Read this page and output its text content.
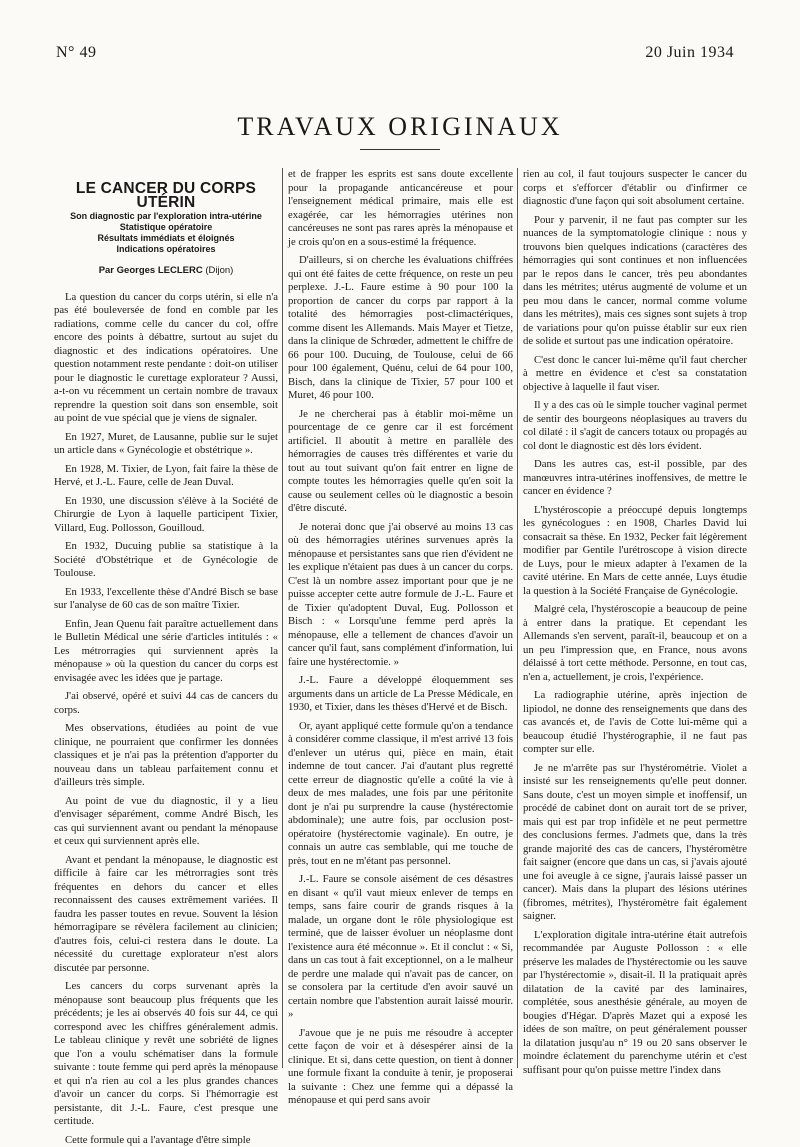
N° 49	20 Juin 1934
TRAVAUX ORIGINAUX
LE CANCER DU CORPS UTÉRIN
Son diagnostic par l'exploration intra-utérine
Statistique opératoire
Résultats immédiats et éloignés
Indications opératoires
Par Georges LECLERC (Dijon)

La question du cancer du corps utérin, si elle n'a pas été bouleversée de fond en comble par les radiations, comme celle du cancer du col, offre encore des points à débattre, surtout au sujet du diagnostic et des indications opératoires. Une question notamment reste pendante : doit-on utiliser pour le diagnostic le curettage explorateur ? Aussi, a-t-on vu récemment un certain nombre de travaux reprendre la question soit dans son ensemble, soit au point de vue spécial que je viens de signaler.

En 1927, Muret, de Lausanne, publie sur le sujet un article dans « Gynécologie et obstétrique ».

En 1928, M. Tixier, de Lyon, fait faire la thèse de Hervé, et J.-L. Faure, celle de Jean Duval.

En 1930, une discussion s'élève à la Société de Chirurgie de Lyon à laquelle participent Tixier, Villard, Eug. Pollosson, Gouilloud.

En 1932, Ducuing publie sa statistique à la Société d'Obstétrique et de Gynécologie de Toulouse.

En 1933, l'excellente thèse d'André Bisch se base sur l'analyse de 60 cas de son maître Tixier.

Enfin, Jean Quenu fait paraître actuellement dans le Bulletin Médical une série d'articles intitulés : « Les métrorragies qui surviennent après la ménopause » où la question du cancer du corps est envisagée avec les idées que je partage.

J'ai observé, opéré et suivi 44 cas de cancers du corps.

Mes observations, étudiées au point de vue clinique, ne pourraient que confirmer les données classiques et je n'ai pas la prétention d'apporter du nouveau dans un tableau parfaitement connu et d'ailleurs très simple.

Au point de vue du diagnostic, il y a lieu d'envisager séparément, comme André Bisch, les cas qui surviennent avant ou pendant la ménopause et ceux qui surviennent après elle.

Avant et pendant la ménopause, le diagnostic est difficile à faire car les métrorragies sont très fréquentes en dehors du cancer et elles reconnaissent des causes extrêmement variées. Il faudra les passer toutes en revue. Souvent la lésion hémorragipare se révèlera facilement au clinicien; d'autres fois, celui-ci restera dans le doute. La nécessité du curettage explorateur n'est alors discutée par personne.

Les cancers du corps survenant après la ménopause sont beaucoup plus fréquents que les précédents; je les ai observés 40 fois sur 44, ce qui correspond avec les chiffres généralement admis. Le tableau clinique y revêt une sobriété de lignes que l'on a voulu schématiser dans la formule suivante : toute femme qui perd après la ménopause et qui n'a rien au col a les plus grandes chances d'avoir un cancer du corps. Si l'hémorragie est persistante, dit J.-L. Faure, c'est presque une certitude.

Cette formule qui a l'avantage d'être simple

et de frapper les esprits est sans doute excellente pour la propagande anticancéreuse et pour l'enseignement médical primaire, mais elle est exagérée, car les hémorragies utérines non cancéreuses ne sont pas rares après la ménopause et je crois qu'on en a sous-estimé la fréquence.

D'ailleurs, si on cherche les évaluations chiffrées qui ont été faites de cette fréquence, on reste un peu perplexe. J.-L. Faure estime à 90 pour 100 la proportion de cancer du corps par rapport à la totalité des hémorragies post-climactériques, comme disent les Allemands. Mais Mayer et Tietze, dans la clinique de Schrœder, admettent le chiffre de 66 pour 100. Ducuing, de Toulouse, celui de 66 pour 100 également, Quénu, celui de 64 pour 100, Bisch, dans la clinique de Tixier, 57 pour 100 et Muret, 46 pour 100.

Je ne chercherai pas à établir moi-même un pourcentage de ce genre car il est forcément artificiel. Il aboutit à mettre en parallèle des hémorragies de causes très différentes et varie du tout au tout suivant qu'on fait entrer en ligne de compte toutes les hémorragies quelle qu'en soit la cause ou seulement celles où le diagnostic a besoin d'être discuté.

Je noterai donc que j'ai observé au moins 13 cas où des hémorragies utérines survenues après la ménopause et persistantes sans que rien d'évident ne les explique n'étaient pas dues à un cancer du corps. C'est là un nombre assez important pour que je ne puisse accepter cette autre formule de J.-L. Faure et de Tixier qu'adoptent Duval, Eug. Pollosson et Bisch : « Lorsqu'une femme perd après la ménopause, elle a tellement de chances d'avoir un cancer qu'il faut, sans complément d'information, lui faire une hystérectomie. »

J.-L. Faure a développé éloquemment ses arguments dans un article de La Presse Médicale, en 1930, et Tixier, dans les thèses d'Hervé et de Bisch.

Or, ayant appliqué cette formule qu'on a tendance à considérer comme classique, il m'est arrivé 13 fois d'enlever un utérus qui, pièce en main, était indemne de tout cancer. J'ai d'autant plus regretté cette erreur de diagnostic qu'elle a coûté la vie à deux de mes malades, une fois par une péritonite dont je n'ai pu surprendre la cause (hystérectomie abdominale); une autre fois, par occlusion post-opératoire (hystérectomie vaginale). En outre, je connais un autre cas semblable, qui me touche de près, tout en ne m'étant pas personnel.

J.-L. Faure se console aisément de ces désastres en disant « qu'il vaut mieux enlever de temps en temps, sans faire courir de grands risques à la malade, un organe dont le rôle physiologique est terminé, que de laisser évoluer un néoplasme dont l'existence aura été méconnue ». Et il conclut : « Si, dans un cas tout à fait exceptionnel, on a le malheur de perdre une malade qui n'avait pas de cancer, on se consolera par la certitude d'en avoir sauvé un certain nombre que l'abstention aurait laissé mourir. »

J'avoue que je ne puis me résoudre à accepter cette façon de voir et à désespérer ainsi de la clinique. Et si, dans cette question, on tient à donner une formule fixant la conduite à tenir, je proposerai la suivante : Chez une femme qui a dépassé la ménopause et qui perd sans avoir

rien au col, il faut toujours suspecter le cancer du corps et s'efforcer d'établir ou d'infirmer ce diagnostic d'une façon qui soit absolument certaine.

Pour y parvenir, il ne faut pas compter sur les nuances de la symptomatologie clinique : nous y trouvons bien quelques indications (caractères des hémorragies qui sont continues et non influencées par le repos dans le cancer, très peu abondantes dans les métrites; utérus augmenté de volume et un peu mou dans le cancer, normal comme volume dans les métrites), mais ces signes sont sujets à trop de variations pour qu'on puisse établir sur eux rien de solide et surtout pas une indication opératoire.

C'est donc le cancer lui-même qu'il faut chercher à mettre en évidence et c'est sa constatation objective à laquelle il faut viser.

Il y a des cas où le simple toucher vaginal permet de sentir des bourgeons néoplasiques au travers du col dilaté : il s'agit de cancers totaux ou propagés au col dont le diagnostic est dès lors évident.

Dans les autres cas, est-il possible, par des manœuvres intra-utérines inoffensives, de mettre le cancer en évidence ?

L'hystéroscopie a préoccupé depuis longtemps les gynécologues : en 1908, Charles David lui consacrait sa thèse. En 1932, Pecker fait légèrement modifier par Gentile l'urétroscope à vision directe de Luys, pour le mieux adapter à l'examen de la cavité utérine. En Mars de cette année, Luys étudie la question à la Société Française de Gynécologie.

Malgré cela, l'hystéroscopie a beaucoup de peine à entrer dans la pratique. Et cependant les Allemands s'en servent, paraît-il, beaucoup et on a un peu l'impression que, en France, nous avons délaissé à tort cette méthode. Personne, en tout cas, n'en a, actuellement, je crois, l'expérience.

La radiographie utérine, après injection de lipiodol, ne donne des renseignements que dans des cas avancés et, de l'avis de Cotte lui-même qui a beaucoup étudié l'hystérographie, il ne faut pas compter sur elle.

Je ne m'arrête pas sur l'hystérométrie. Violet a insisté sur les renseignements qu'elle peut donner. Sans doute, c'est un moyen simple et inoffensif, un procédé de cabinet dont on aurait tort de se priver, mais qui est par trop infidèle et ne peut permettre des conclusions fermes. J'admets que, dans la très grande majorité des cas de cancers, l'hystéromètre fait saigner (encore que dans un cas, si j'avais ajouté une foi aveugle à ce signe, j'aurais laissé passer un cancer). Mais dans la plupart des lésions utérines (fibromes, métrites), l'hystéromètre fait également saigner.

L'exploration digitale intra-utérine était autrefois recommandée par Auguste Pollosson : « elle préserve les malades de l'hystérectomie ou les sauve par l'hystérectomie », disait-il. Il la pratiquait après dilatation de la cavité par des laminaires, complétée, sous anesthésie générale, au moyen de bougies d'Hégar. D'après Mazet qui a exposé les idées de son maître, on peut généralement pousser la dilatation jusqu'au n° 19 ou 20 sans observer le moindre éclatement du parenchyme utérin et c'est suffisant pour qu'on puisse mettre l'index dans
